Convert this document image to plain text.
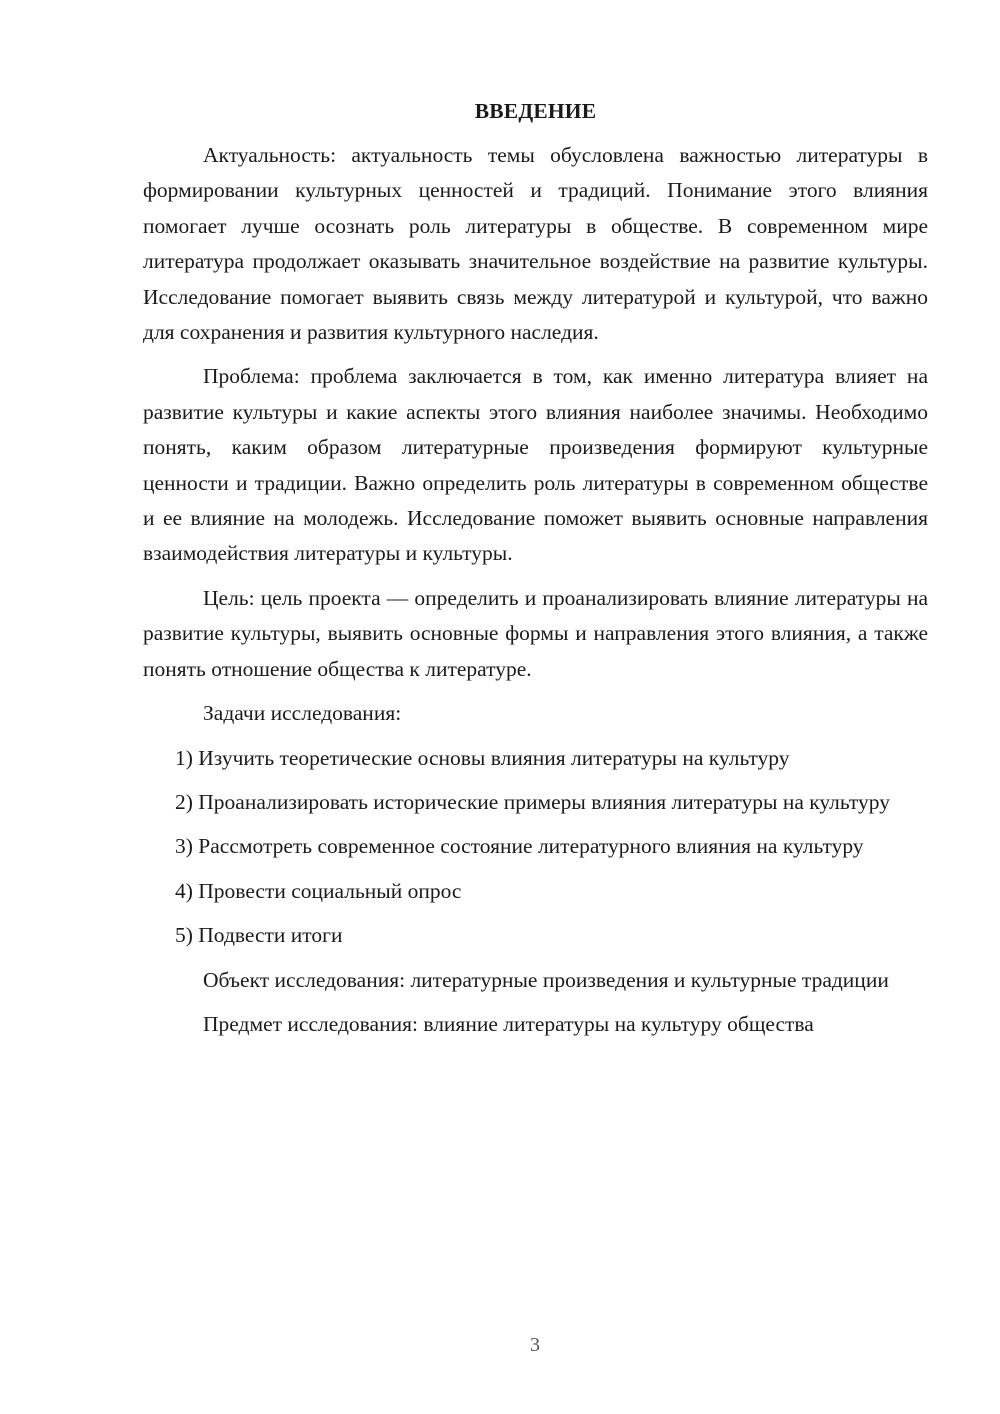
ВВЕДЕНИЕ

Актуальность: актуальность темы обусловлена важностью литературы в формировании культурных ценностей и традиций. Понимание этого влияния помогает лучше осознать роль литературы в обществе. В современном мире литература продолжает оказывать значительное воздействие на развитие культуры. Исследование помогает выявить связь между литературой и культурой, что важно для сохранения и развития культурного наследия.

Проблема: проблема заключается в том, как именно литература влияет на развитие культуры и какие аспекты этого влияния наиболее значимы. Необходимо понять, каким образом литературные произведения формируют культурные ценности и традиции. Важно определить роль литературы в современном обществе и ее влияние на молодежь. Исследование поможет выявить основные направления взаимодействия литературы и культуры.

Цель: цель проекта — определить и проанализировать влияние литературы на развитие культуры, выявить основные формы и направления этого влияния, а также понять отношение общества к литературе.

Задачи исследования:

1) Изучить теоретические основы влияния литературы на культуру

2) Проанализировать исторические примеры влияния литературы на культуру

3) Рассмотреть современное состояние литературного влияния на культуру

4) Провести социальный опрос

5) Подвести итоги

Объект исследования: литературные произведения и культурные традиции

Предмет исследования: влияние литературы на культуру общества

3
